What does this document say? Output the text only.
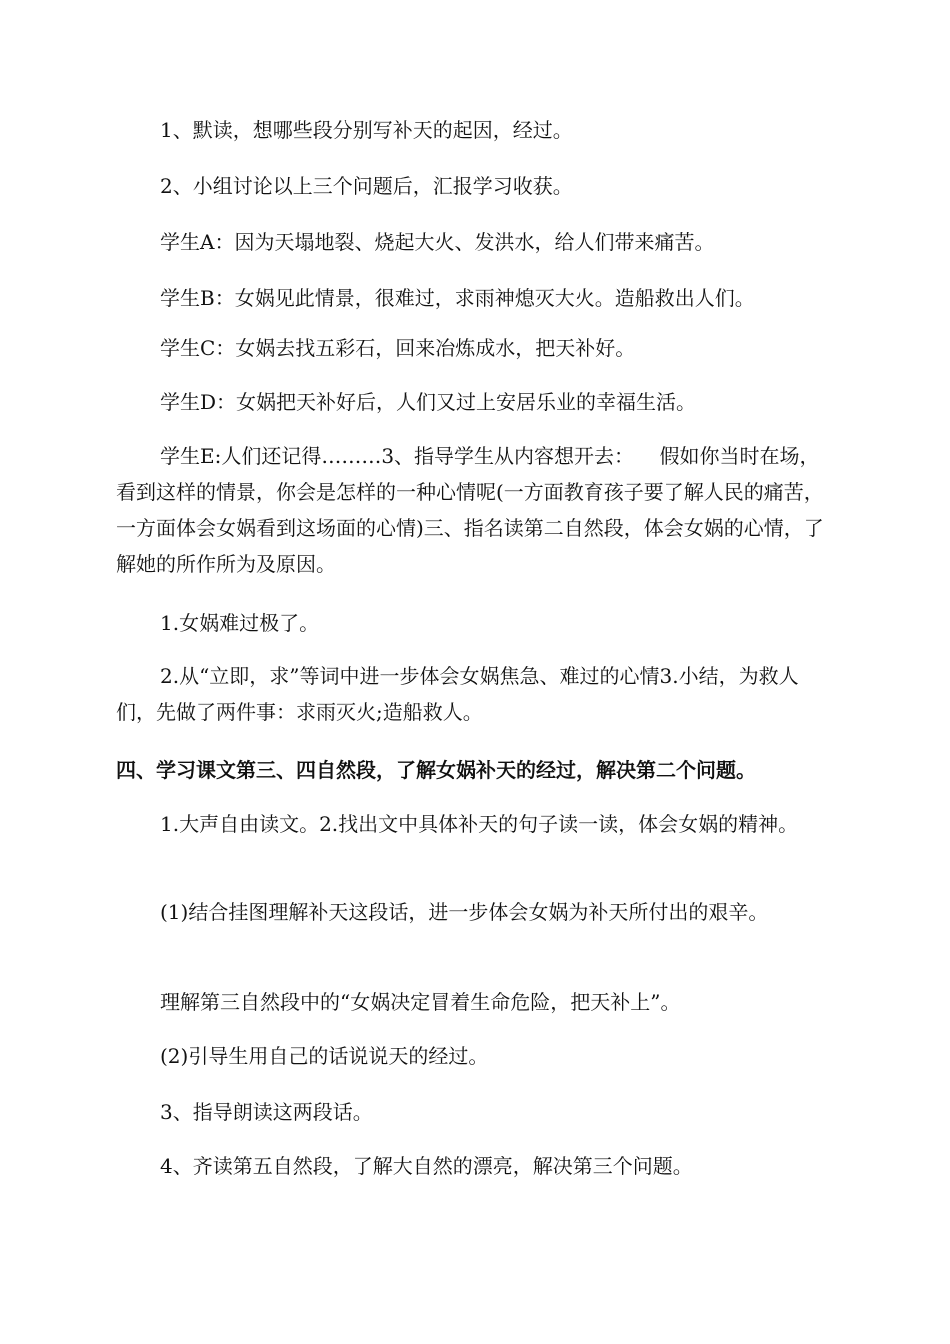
1、默读，想哪些段分别写补天的起因，经过。

2、小组讨论以上三个问题后，汇报学习收获。

学生A：因为天塌地裂、烧起大火、发洪水，给人们带来痛苦。

学生B：女娲见此情景，很难过，求雨神熄灭大火。造船救出人们。

学生C：女娲去找五彩石，回来冶炼成水，把天补好。

学生D：女娲把天补好后，人们又过上安居乐业的幸福生活。

学生E:人们还记得………3、指导学生从内容想开去：    假如你当时在场，看到这样的情景，你会是怎样的一种心情呢(一方面教育孩子要了解人民的痛苦，一方面体会女娲看到这场面的心情)三、指名读第二自然段，体会女娲的心情，了解她的所作所为及原因。

1.女娲难过极了。

2.从“立即，求”等词中进一步体会女娲焦急、难过的心情3.小结，为救人们，先做了两件事：求雨灭火;造船救人。

四、学习课文第三、四自然段，了解女娲补天的经过，解决第二个问题。

1.大声自由读文。2.找出文中具体补天的句子读一读，体会女娲的精神。

(1)结合挂图理解补天这段话，进一步体会女娲为补天所付出的艰辛。

理解第三自然段中的“女娲决定冒着生命危险，把天补上”。

(2)引导生用自己的话说说天的经过。

3、指导朗读这两段话。

4、齐读第五自然段，了解大自然的漂亮，解决第三个问题。
